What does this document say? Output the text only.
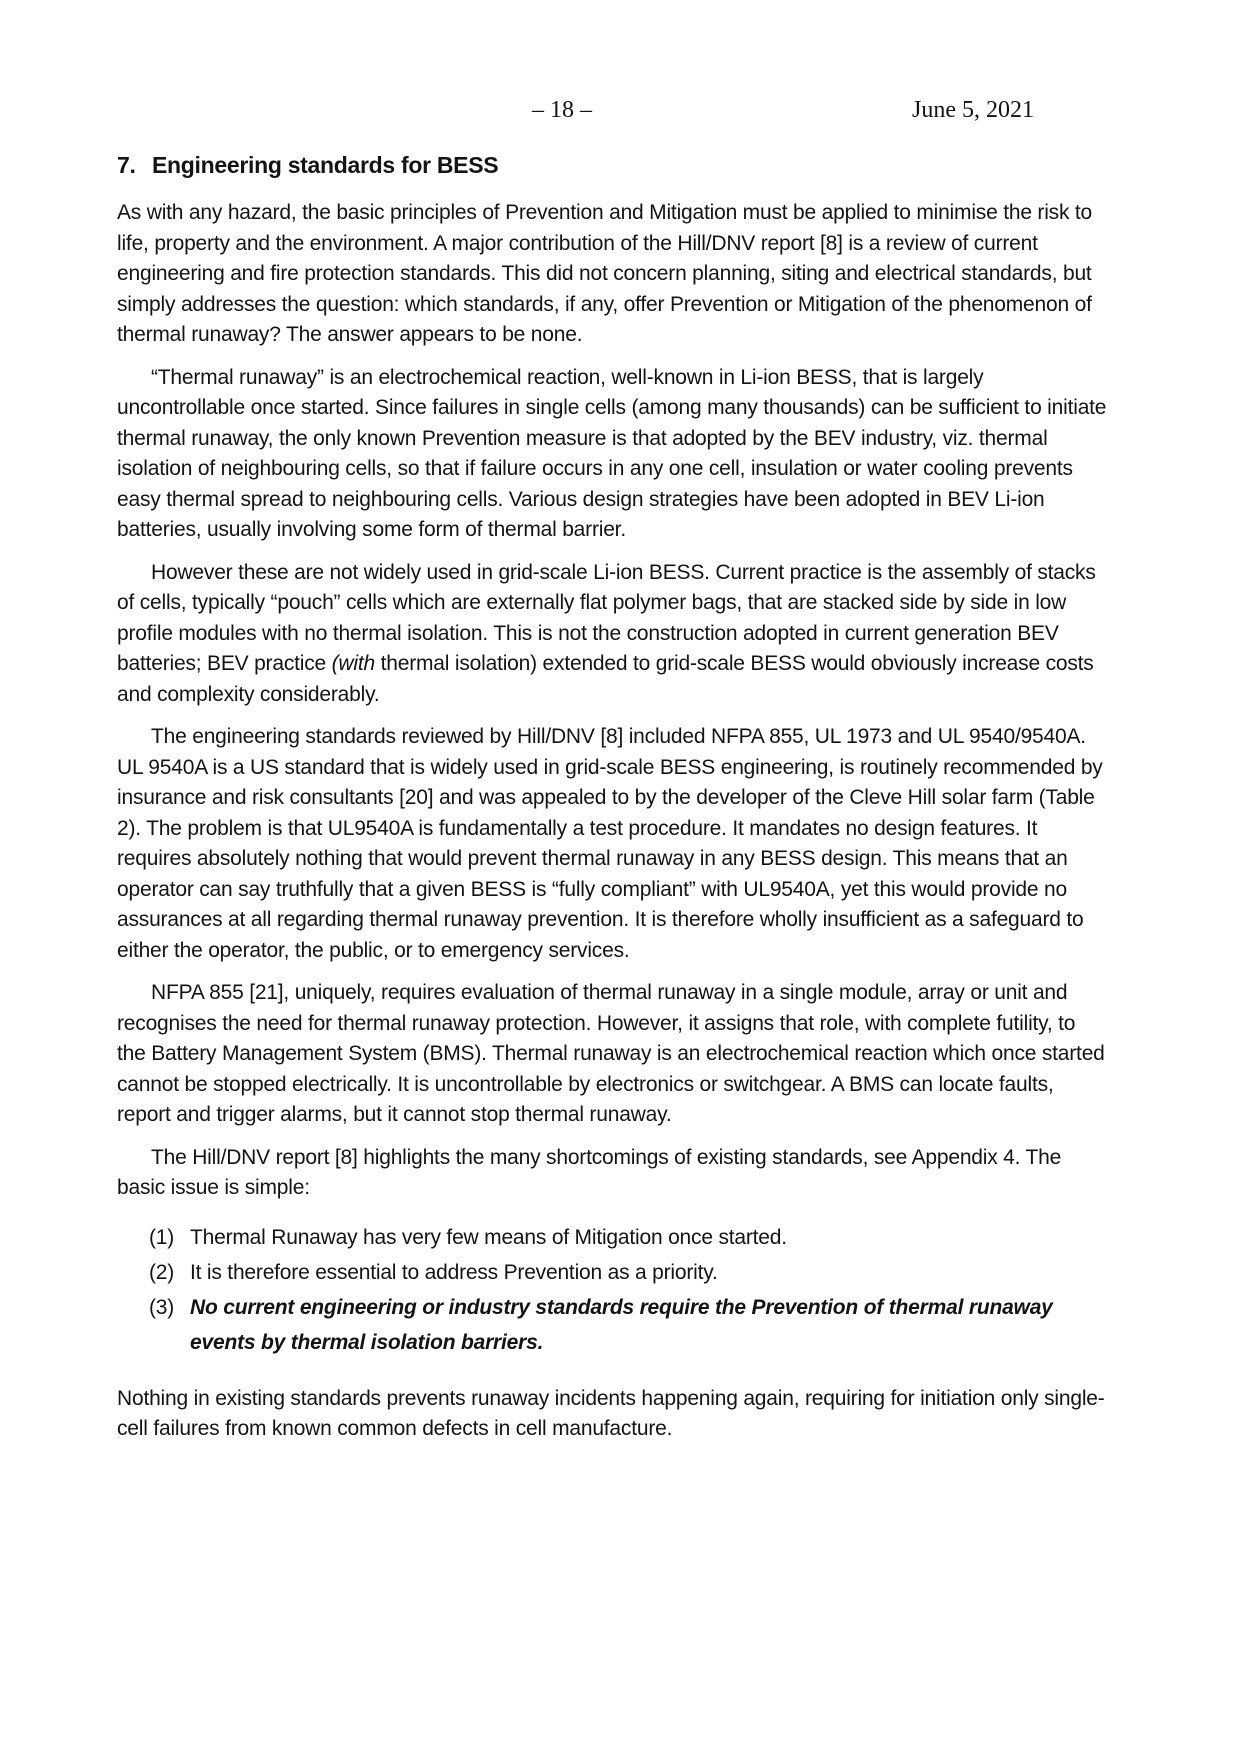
– 18 –	June 5, 2021
7. Engineering standards for BESS

As with any hazard, the basic principles of Prevention and Mitigation must be applied to minimise the risk to life, property and the environment. A major contribution of the Hill/DNV report [8] is a review of current engineering and fire protection standards. This did not concern planning, siting and electrical standards, but simply addresses the question: which standards, if any, offer Prevention or Mitigation of the phenomenon of thermal runaway? The answer appears to be none.

“Thermal runaway” is an electrochemical reaction, well-known in Li-ion BESS, that is largely uncontrollable once started. Since failures in single cells (among many thousands) can be sufficient to initiate thermal runaway, the only known Prevention measure is that adopted by the BEV industry, viz. thermal isolation of neighbouring cells, so that if failure occurs in any one cell, insulation or water cooling prevents easy thermal spread to neighbouring cells. Various design strategies have been adopted in BEV Li-ion batteries, usually involving some form of thermal barrier.

However these are not widely used in grid-scale Li-ion BESS. Current practice is the assembly of stacks of cells, typically “pouch” cells which are externally flat polymer bags, that are stacked side by side in low profile modules with no thermal isolation. This is not the construction adopted in current generation BEV batteries; BEV practice (with thermal isolation) extended to grid-scale BESS would obviously increase costs and complexity considerably.

The engineering standards reviewed by Hill/DNV [8] included NFPA 855, UL 1973 and UL 9540/9540A. UL 9540A is a US standard that is widely used in grid-scale BESS engineering, is routinely recommended by insurance and risk consultants [20] and was appealed to by the developer of the Cleve Hill solar farm (Table 2). The problem is that UL9540A is fundamentally a test procedure. It mandates no design features. It requires absolutely nothing that would prevent thermal runaway in any BESS design. This means that an operator can say truthfully that a given BESS is “fully compliant” with UL9540A, yet this would provide no assurances at all regarding thermal runaway prevention. It is therefore wholly insufficient as a safeguard to either the operator, the public, or to emergency services.

NFPA 855 [21], uniquely, requires evaluation of thermal runaway in a single module, array or unit and recognises the need for thermal runaway protection. However, it assigns that role, with complete futility, to the Battery Management System (BMS). Thermal runaway is an electrochemical reaction which once started cannot be stopped electrically. It is uncontrollable by electronics or switchgear. A BMS can locate faults, report and trigger alarms, but it cannot stop thermal runaway.

The Hill/DNV report [8] highlights the many shortcomings of existing standards, see Appendix 4. The basic issue is simple:

(1) Thermal Runaway has very few means of Mitigation once started.
(2) It is therefore essential to address Prevention as a priority.
(3) No current engineering or industry standards require the Prevention of thermal runaway events by thermal isolation barriers.

Nothing in existing standards prevents runaway incidents happening again, requiring for initiation only single-cell failures from known common defects in cell manufacture.
